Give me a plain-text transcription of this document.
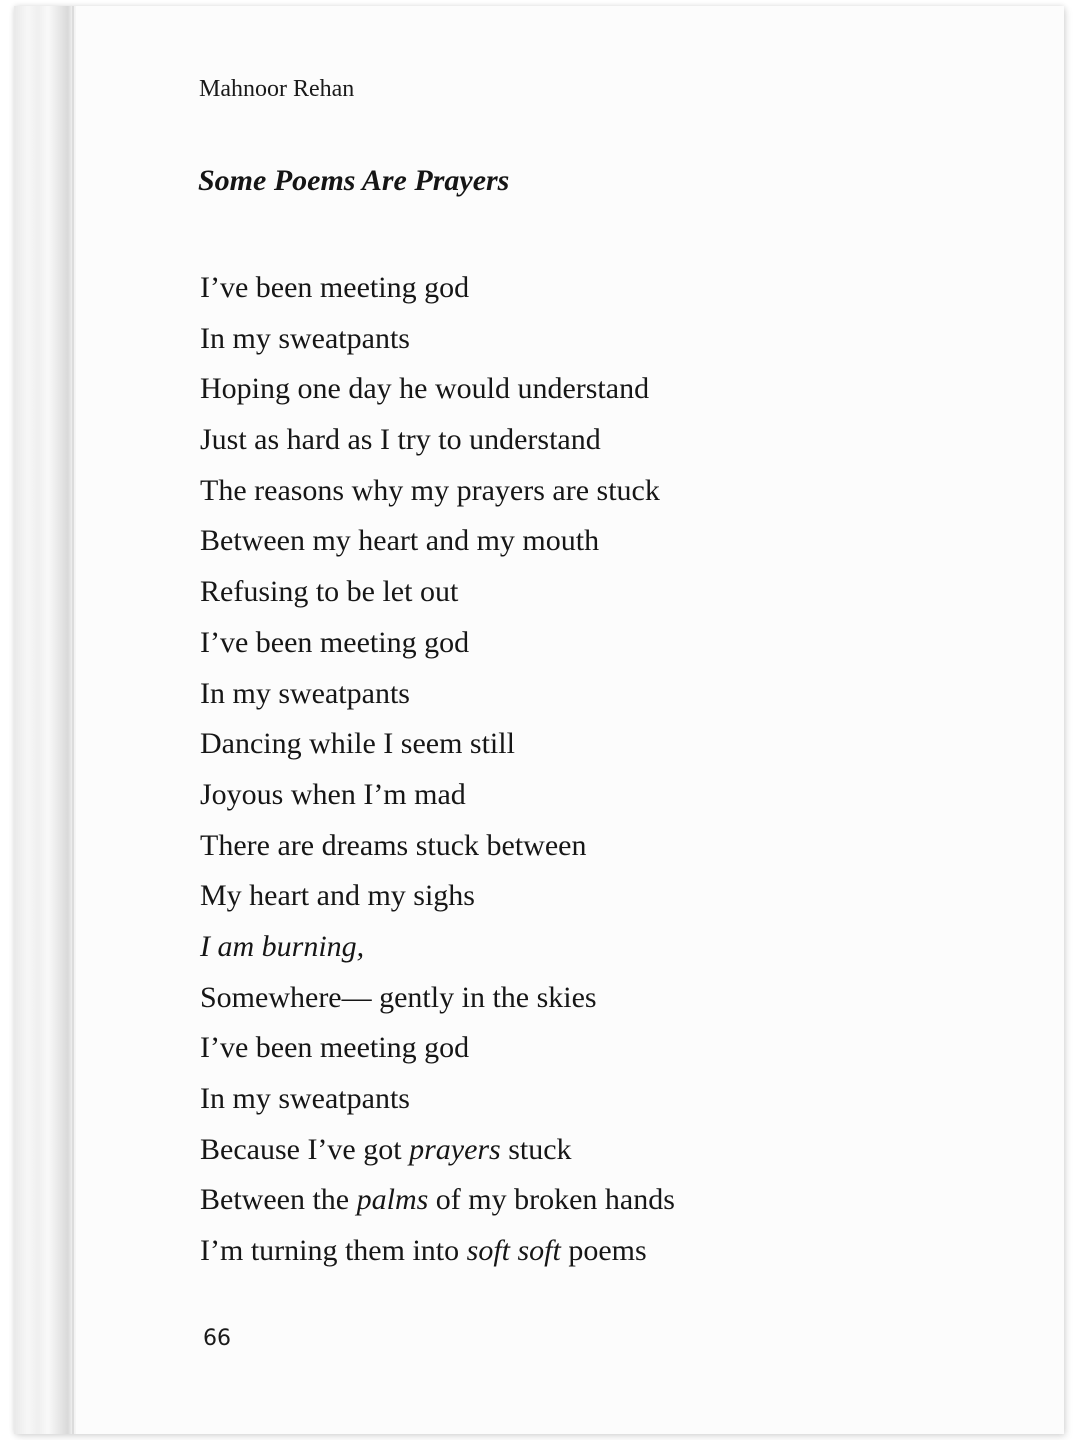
Mahnoor Rehan

Some Poems Are Prayers
I’ve been meeting god
In my sweatpants
Hoping one day he would understand
Just as hard as I try to understand
The reasons why my prayers are stuck
Between my heart and my mouth
Refusing to be let out
I’ve been meeting god
In my sweatpants
Dancing while I seem still
Joyous when I’m mad
There are dreams stuck between
My heart and my sighs
I am burning,
Somewhere— gently in the skies
I’ve been meeting god
In my sweatpants
Because I’ve got prayers stuck
Between the palms of my broken hands
I’m turning them into soft soft poems

66
